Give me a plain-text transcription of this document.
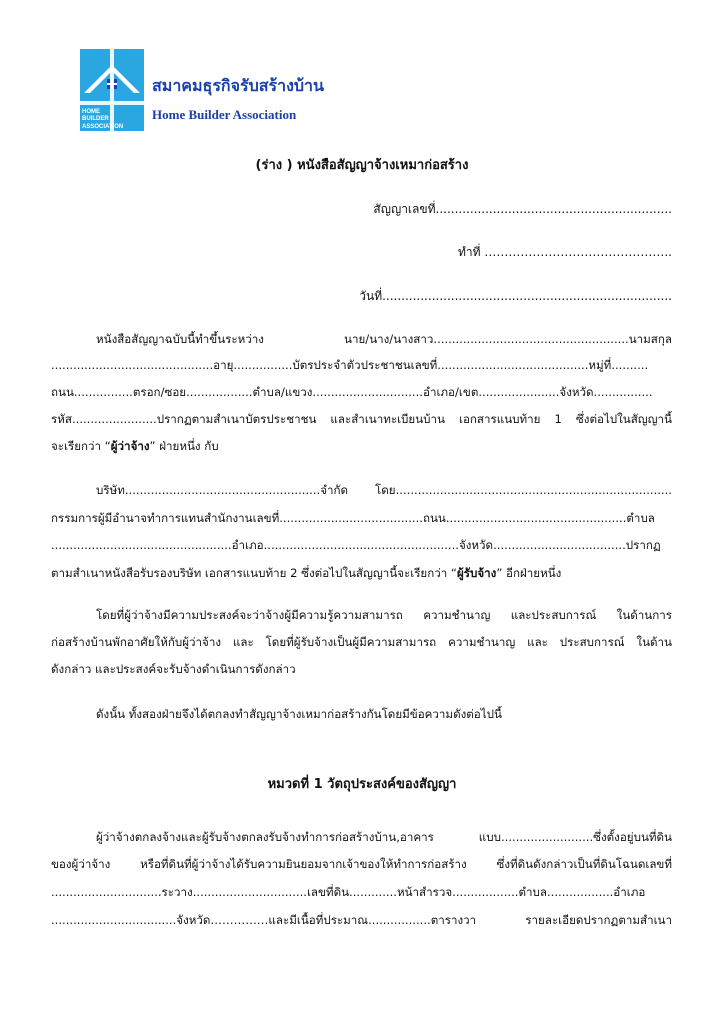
HOME
BUILDER
ASSOCIATION
สมาคมธุรกิจรับสร้างบ้าน
Home Builder Association
(ร่าง ) หนังสือสัญญาจ้างเหมาก่อสร้าง
สัญญาเลขที่..............................................................
ทำที่ ………………………………………..
วันที่............................................................................
หนังสือสัญญาฉบับนี้ทำขึ้นระหว่าง นาย/นาง/นางสาว.....................................................นามสกุล
............................................อายุ................บัตรประจำตัวประชาชนเลขที่.........................................หมู่ที่..........
ถนน................ตรอก/ซอย..................ตำบล/แขวง..............................อำเภอ/เขต......................จังหวัด................
รหัส.......................ปรากฏตามสำเนาบัตรประชาชน และสำเนาทะเบียนบ้าน เอกสารแนบท้าย 1 ซึ่งต่อไปในสัญญานี้
จะเรียกว่า “ผู้ว่าจ้าง” ฝ่ายหนึ่ง กับ
บริษัท.....................................................จำกัด โดย...........................................................................
กรรมการผู้มีอำนาจทำการแทนสำนักงานเลขที่.......................................ถนน.................................................ตำบล
.................................................อำเภอ.....................................................จังหวัด....................................ปรากฏ
ตามสำเนาหนังสือรับรองบริษัท เอกสารแนบท้าย 2 ซึ่งต่อไปในสัญญานี้จะเรียกว่า “ผู้รับจ้าง” อีกฝ่ายหนึ่ง
โดยที่ผู้ว่าจ้างมีความประสงค์จะว่าจ้างผู้มีความรู้ความสามารถ ความชำนาญ และประสบการณ์ ในด้านการ
ก่อสร้างบ้านพักอาศัยให้กับผู้ว่าจ้าง และ โดยที่ผู้รับจ้างเป็นผู้มีความสามารถ ความชำนาญ และ ประสบการณ์ ในด้าน
ดังกล่าว และประสงค์จะรับจ้างดำเนินการดังกล่าว
ดังนั้น ทั้งสองฝ่ายจึงได้ตกลงทำสัญญาจ้างเหมาก่อสร้างกันโดยมีข้อความดังต่อไปนี้
หมวดที่ 1 วัตถุประสงค์ของสัญญา
ผู้ว่าจ้างตกลงจ้างและผู้รับจ้างตกลงรับจ้างทำการก่อสร้างบ้าน,อาคาร แบบ.........................ซึ่งตั้งอยู่บนที่ดิน
ของผู้ว่าจ้าง หรือที่ดินที่ผู้ว่าจ้างได้รับความยินยอมจากเจ้าของให้ทำการก่อสร้าง ซึ่งที่ดินดังกล่าวเป็นที่ดินโฉนดเลขที่
..............................ระวาง...............................เลขที่ดิน.............หน้าสำรวจ..................ตำบล..................อำเภอ
..................................จังหวัด……………และมีเนื้อที่ประมาณ.................ตารางวา รายละเอียดปรากฏตามสำเนา
